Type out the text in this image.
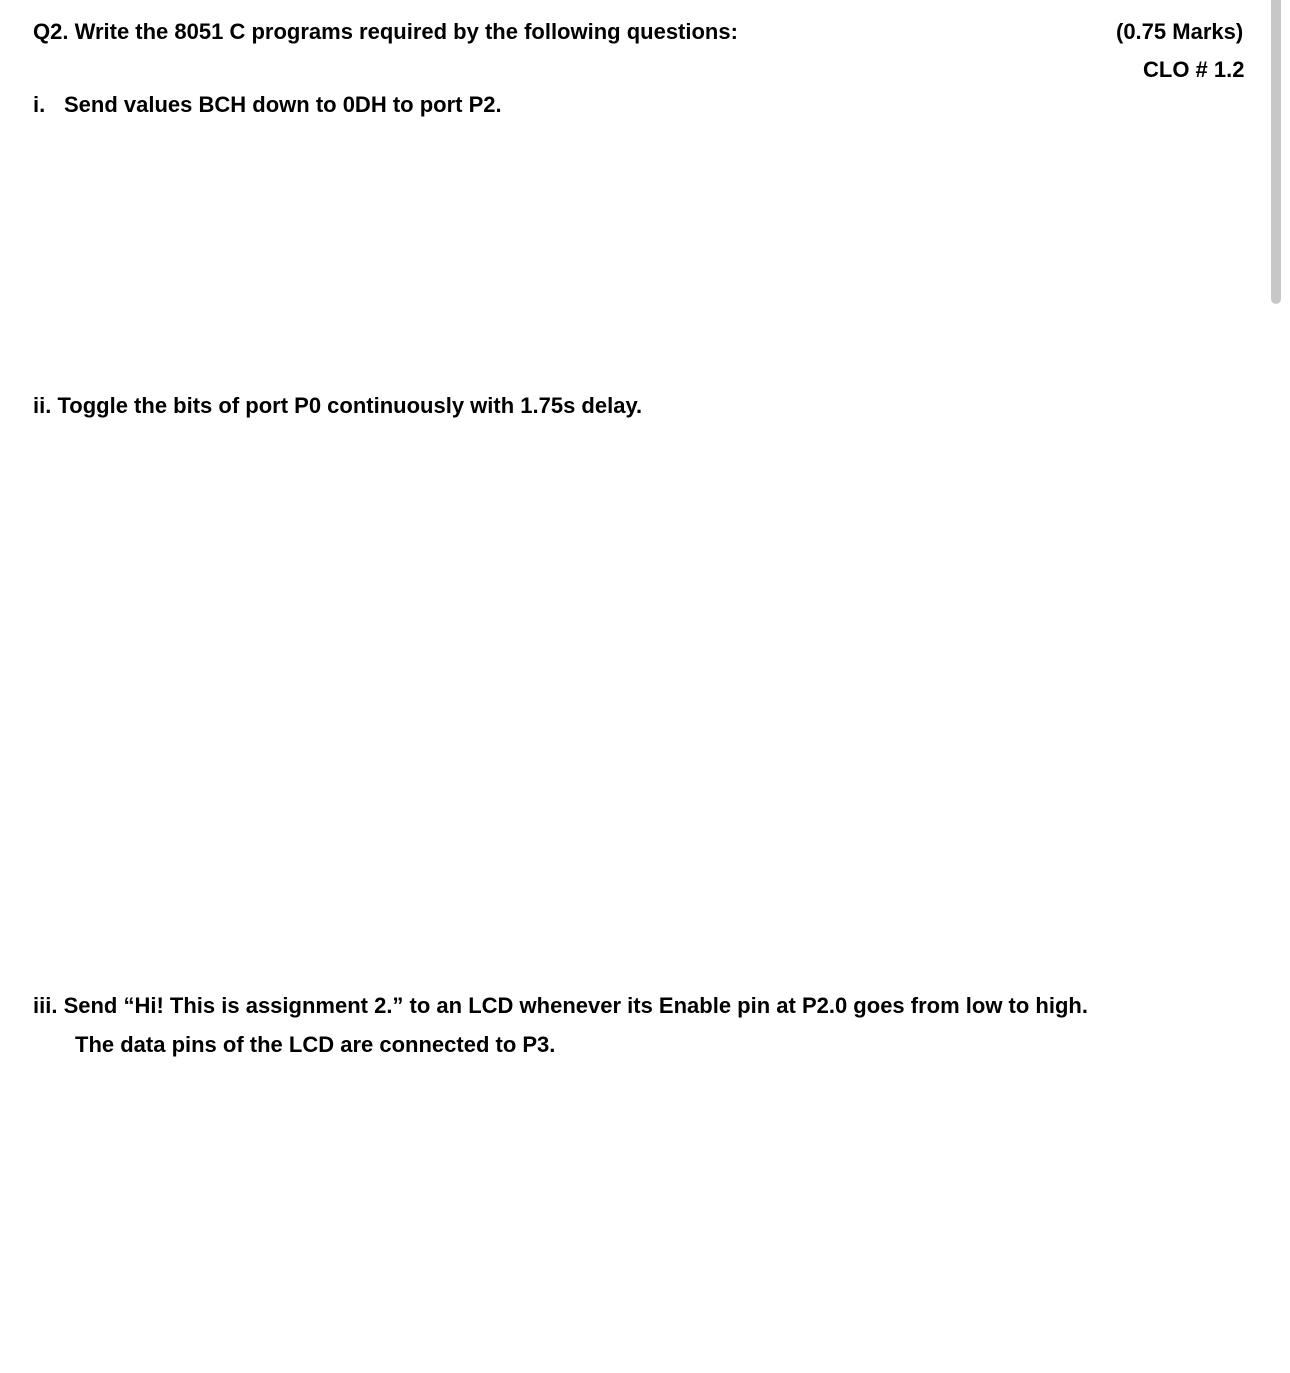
Q2. Write the 8051 C programs required by the following questions:	(0.75 Marks)
CLO # 1.2
i. Send values BCH down to 0DH to port P2.
ii. Toggle the bits of port P0 continuously with 1.75s delay.
iii. Send “Hi! This is assignment 2.” to an LCD whenever its Enable pin at P2.0 goes from low to high.
The data pins of the LCD are connected to P3.
